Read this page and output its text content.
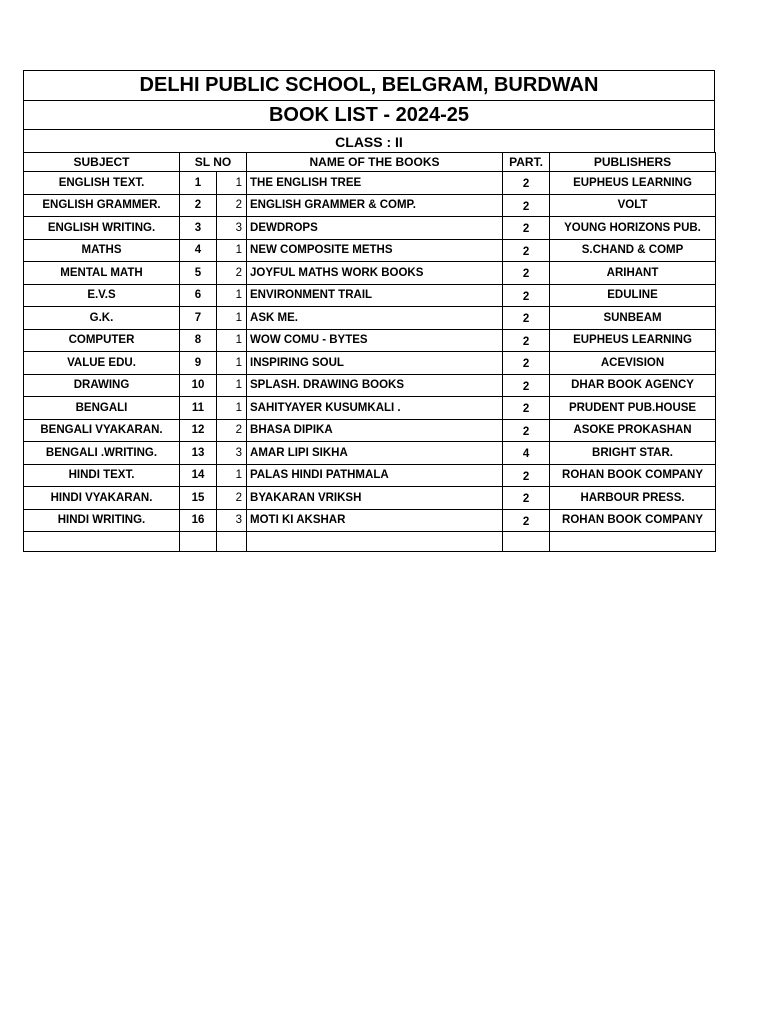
DELHI PUBLIC SCHOOL, BELGRAM, BURDWAN
BOOK LIST - 2024-25
CLASS : II
SUBJECT	SL NO		NAME OF THE BOOKS	PART.	PUBLISHERS
ENGLISH TEXT.	1	1	THE ENGLISH TREE	2	EUPHEUS LEARNING
ENGLISH GRAMMER.	2	2	ENGLISH GRAMMER & COMP.	2	VOLT
ENGLISH WRITING.	3	3	DEWDROPS	2	YOUNG HORIZONS PUB.
MATHS	4	1	NEW COMPOSITE METHS	2	S.CHAND & COMP
MENTAL MATH	5	2	JOYFUL MATHS WORK BOOKS	2	ARIHANT
E.V.S	6	1	ENVIRONMENT TRAIL	2	EDULINE
G.K.	7	1	ASK ME.	2	SUNBEAM
COMPUTER	8	1	WOW COMU - BYTES	2	EUPHEUS LEARNING
VALUE EDU.	9	1	INSPIRING SOUL	2	ACEVISION
DRAWING	10	1	SPLASH. DRAWING BOOKS	2	DHAR BOOK AGENCY
BENGALI	11	1	SAHITYAYER KUSUMKALI .	2	PRUDENT PUB.HOUSE
BENGALI VYAKARAN.	12	2	BHASA DIPIKA	2	ASOKE PROKASHAN
BENGALI .WRITING.	13	3	AMAR LIPI SIKHA	4	BRIGHT STAR.
HINDI TEXT.	14	1	PALAS HINDI PATHMALA	2	ROHAN BOOK COMPANY
HINDI VYAKARAN.	15	2	BYAKARAN VRIKSH	2	HARBOUR PRESS.
HINDI WRITING.	16	3	MOTI KI AKSHAR	2	ROHAN BOOK COMPANY
